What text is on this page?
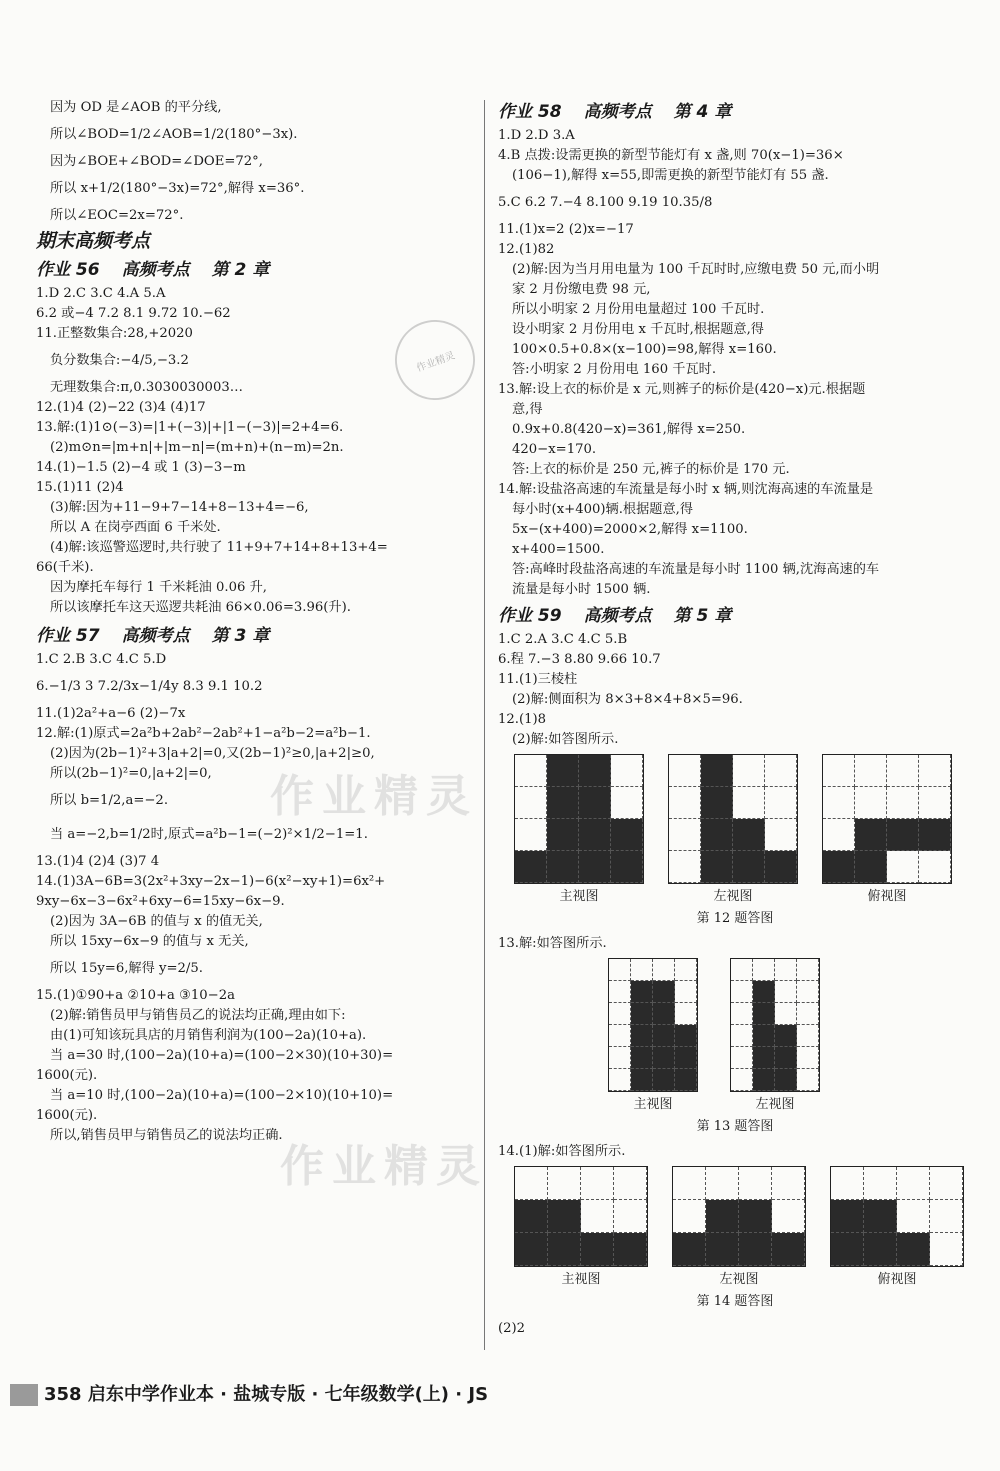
因为 OD 是∠AOB 的平分线,
所以∠BOD=1/2∠AOB=1/2(180°−3x).
因为∠BOE+∠BOD=∠DOE=72°,
所以 x+1/2(180°−3x)=72°,解得 x=36°.
所以∠EOC=2x=72°.
期末高频考点
作业 56 高频考点 第 2 章
1.D 2.C 3.C 4.A 5.A
6.2 或−4 7.2 8.1 9.72 10.−62
11.正整数集合:28,+2020
负分数集合:−4/5,−3.2
无理数集合:π,0.3030030003…
12.(1)4 (2)−22 (3)4 (4)17
13.解:(1)1⊙(−3)=|1+(−3)|+|1−(−3)|=2+4=6.
(2)m⊙n=|m+n|+|m−n|=(m+n)+(n−m)=2n.
14.(1)−1.5 (2)−4 或 1 (3)−3−m
15.(1)11 (2)4
(3)解:因为+11−9+7−14+8−13+4=−6,
所以 A 在岗亭西面 6 千米处.
(4)解:该巡警巡逻时,共行驶了 11+9+7+14+8+13+4=
66(千米).
因为摩托车每行 1 千米耗油 0.06 升,
所以该摩托车这天巡逻共耗油 66×0.06=3.96(升).
作业 57 高频考点 第 3 章
1.C 2.B 3.C 4.C 5.D
6.−1/3 3 7.2/3x−1/4y 8.3 9.1 10.2
11.(1)2a²+a−6 (2)−7x
12.解:(1)原式=2a²b+2ab²−2ab²+1−a²b−2=a²b−1.
(2)因为(2b−1)²+3|a+2|=0,又(2b−1)²≥0,|a+2|≥0,
所以(2b−1)²=0,|a+2|=0,
所以 b=1/2,a=−2.
当 a=−2,b=1/2时,原式=a²b−1=(−2)²×1/2−1=1.
13.(1)4 (2)4 (3)7 4
14.(1)3A−6B=3(2x²+3xy−2x−1)−6(x²−xy+1)=6x²+
9xy−6x−3−6x²+6xy−6=15xy−6x−9.
(2)因为 3A−6B 的值与 x 的值无关,
所以 15xy−6x−9 的值与 x 无关,
所以 15y=6,解得 y=2/5.
15.(1)①90+a ②10+a ③10−2a
(2)解:销售员甲与销售员乙的说法均正确,理由如下:
由(1)可知该玩具店的月销售利润为(100−2a)(10+a).
当 a=30 时,(100−2a)(10+a)=(100−2×30)(10+30)=
1600(元).
当 a=10 时,(100−2a)(10+a)=(100−2×10)(10+10)=
1600(元).
所以,销售员甲与销售员乙的说法均正确.
作业 58 高频考点 第 4 章
1.D 2.D 3.A
4.B 点拨:设需更换的新型节能灯有 x 盏,则 70(x−1)=36×
(106−1),解得 x=55,即需更换的新型节能灯有 55 盏.
5.C 6.2 7.−4 8.100 9.19 10.35/8
11.(1)x=2 (2)x=−17
12.(1)82
(2)解:因为当月用电量为 100 千瓦时时,应缴电费 50 元,而小明
家 2 月份缴电费 98 元,
所以小明家 2 月份用电量超过 100 千瓦时.
设小明家 2 月份用电 x 千瓦时,根据题意,得
100×0.5+0.8×(x−100)=98,解得 x=160.
答:小明家 2 月份用电 160 千瓦时.
13.解:设上衣的标价是 x 元,则裤子的标价是(420−x)元.根据题
意,得
0.9x+0.8(420−x)=361,解得 x=250.
420−x=170.
答:上衣的标价是 250 元,裤子的标价是 170 元.
14.解:设盐洛高速的车流量是每小时 x 辆,则沈海高速的车流量是
每小时(x+400)辆.根据题意,得
5x−(x+400)=2000×2,解得 x=1100.
x+400=1500.
答:高峰时段盐洛高速的车流量是每小时 1100 辆,沈海高速的车
流量是每小时 1500 辆.
作业 59 高频考点 第 5 章
1.C 2.A 3.C 4.C 5.B
6.程 7.−3 8.80 9.66 10.7
11.(1)三棱柱
(2)解:侧面积为 8×3+8×4+8×5=96.
12.(1)8
(2)解:如答图所示.
主视图	左视图	俯视图
第 12 题答图
13.解:如答图所示.
主视图	左视图
第 13 题答图
14.(1)解:如答图所示.
主视图	左视图	俯视图
第 14 题答图
(2)2
作业精灵
作业精灵
作业精灵
358 启东中学作业本 · 盐城专版 · 七年级数学(上) · JS
